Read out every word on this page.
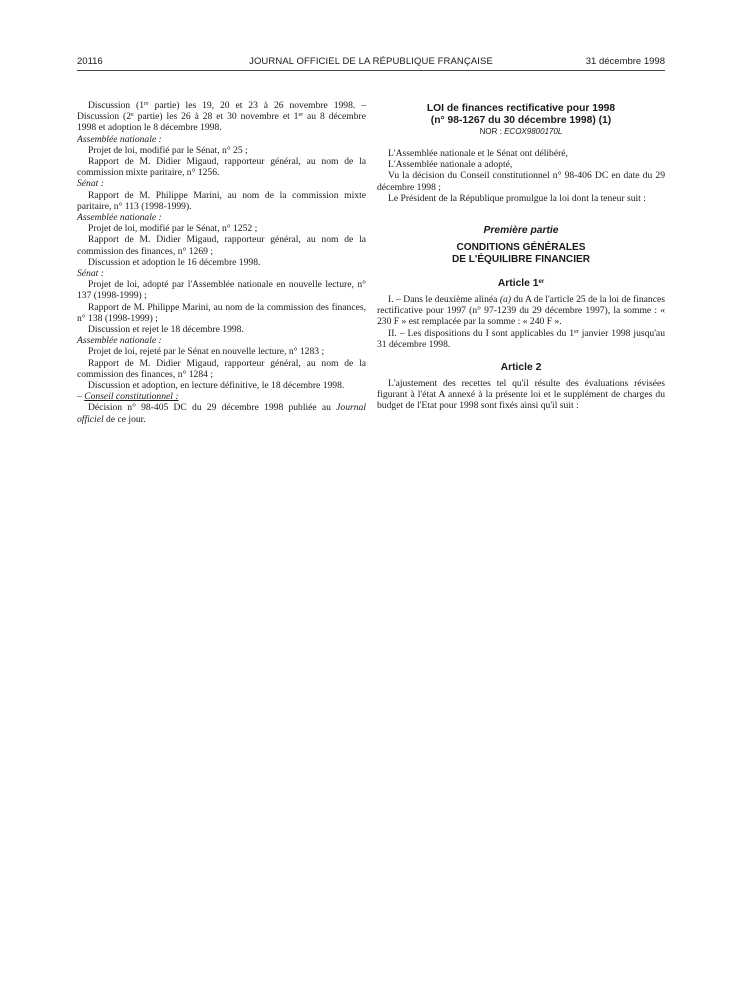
20116	JOURNAL OFFICIEL DE LA RÉPUBLIQUE FRANÇAISE	31 décembre 1998

Discussion (1re partie) les 19, 20 et 23 à 26 novembre 1998. – Discussion (2e partie) les 26 à 28 et 30 novembre et 1er au 8 décembre 1998 et adoption le 8 décembre 1998.

Assemblée nationale :

Projet de loi, modifié par le Sénat, n° 25 ;

Rapport de M. Didier Migaud, rapporteur général, au nom de la commission mixte paritaire, n° 1256.

Sénat :

Rapport de M. Philippe Marini, au nom de la commission mixte paritaire, n° 113 (1998-1999).

Assemblée nationale :

Projet de loi, modifié par le Sénat, n° 1252 ;

Rapport de M. Didier Migaud, rapporteur général, au nom de la commission des finances, n° 1269 ;

Discussion et adoption le 16 décembre 1998.

Sénat :

Projet de loi, adopté par l'Assemblée nationale en nouvelle lecture, n° 137 (1998-1999) ;

Rapport de M. Philippe Marini, au nom de la commission des finances, n° 138 (1998-1999) ;

Discussion et rejet le 18 décembre 1998.

Assemblée nationale :

Projet de loi, rejeté par le Sénat en nouvelle lecture, n° 1283 ;

Rapport de M. Didier Migaud, rapporteur général, au nom de la commission des finances, n° 1284 ;

Discussion et adoption, en lecture définitive, le 18 décembre 1998.

– Conseil constitutionnel :

Décision n° 98-405 DC du 29 décembre 1998 publiée au Journal officiel de ce jour.

LOI de finances rectificative pour 1998
(n° 98-1267 du 30 décembre 1998) (1)
NOR : ECOX9800170L

L'Assemblée nationale et le Sénat ont délibéré,

L'Assemblée nationale a adopté,

Vu la décision du Conseil constitutionnel n° 98-406 DC en date du 29 décembre 1998 ;

Le Président de la République promulgue la loi dont la teneur suit :

Première partie
CONDITIONS GÉNÉRALES
DE L'ÉQUILIBRE FINANCIER
Article 1er

I. – Dans le deuxième alinéa (a) du A de l'article 25 de la loi de finances rectificative pour 1997 (n° 97-1239 du 29 décembre 1997), la somme : « 230 F » est remplacée par la somme : « 240 F ».

II. – Les dispositions du I sont applicables du 1er janvier 1998 jusqu'au 31 décembre 1998.

Article 2

L'ajustement des recettes tel qu'il résulte des évaluations révisées figurant à l'état A annexé à la présente loi et le supplément de charges du budget de l'Etat pour 1998 sont fixés ainsi qu'il suit :
